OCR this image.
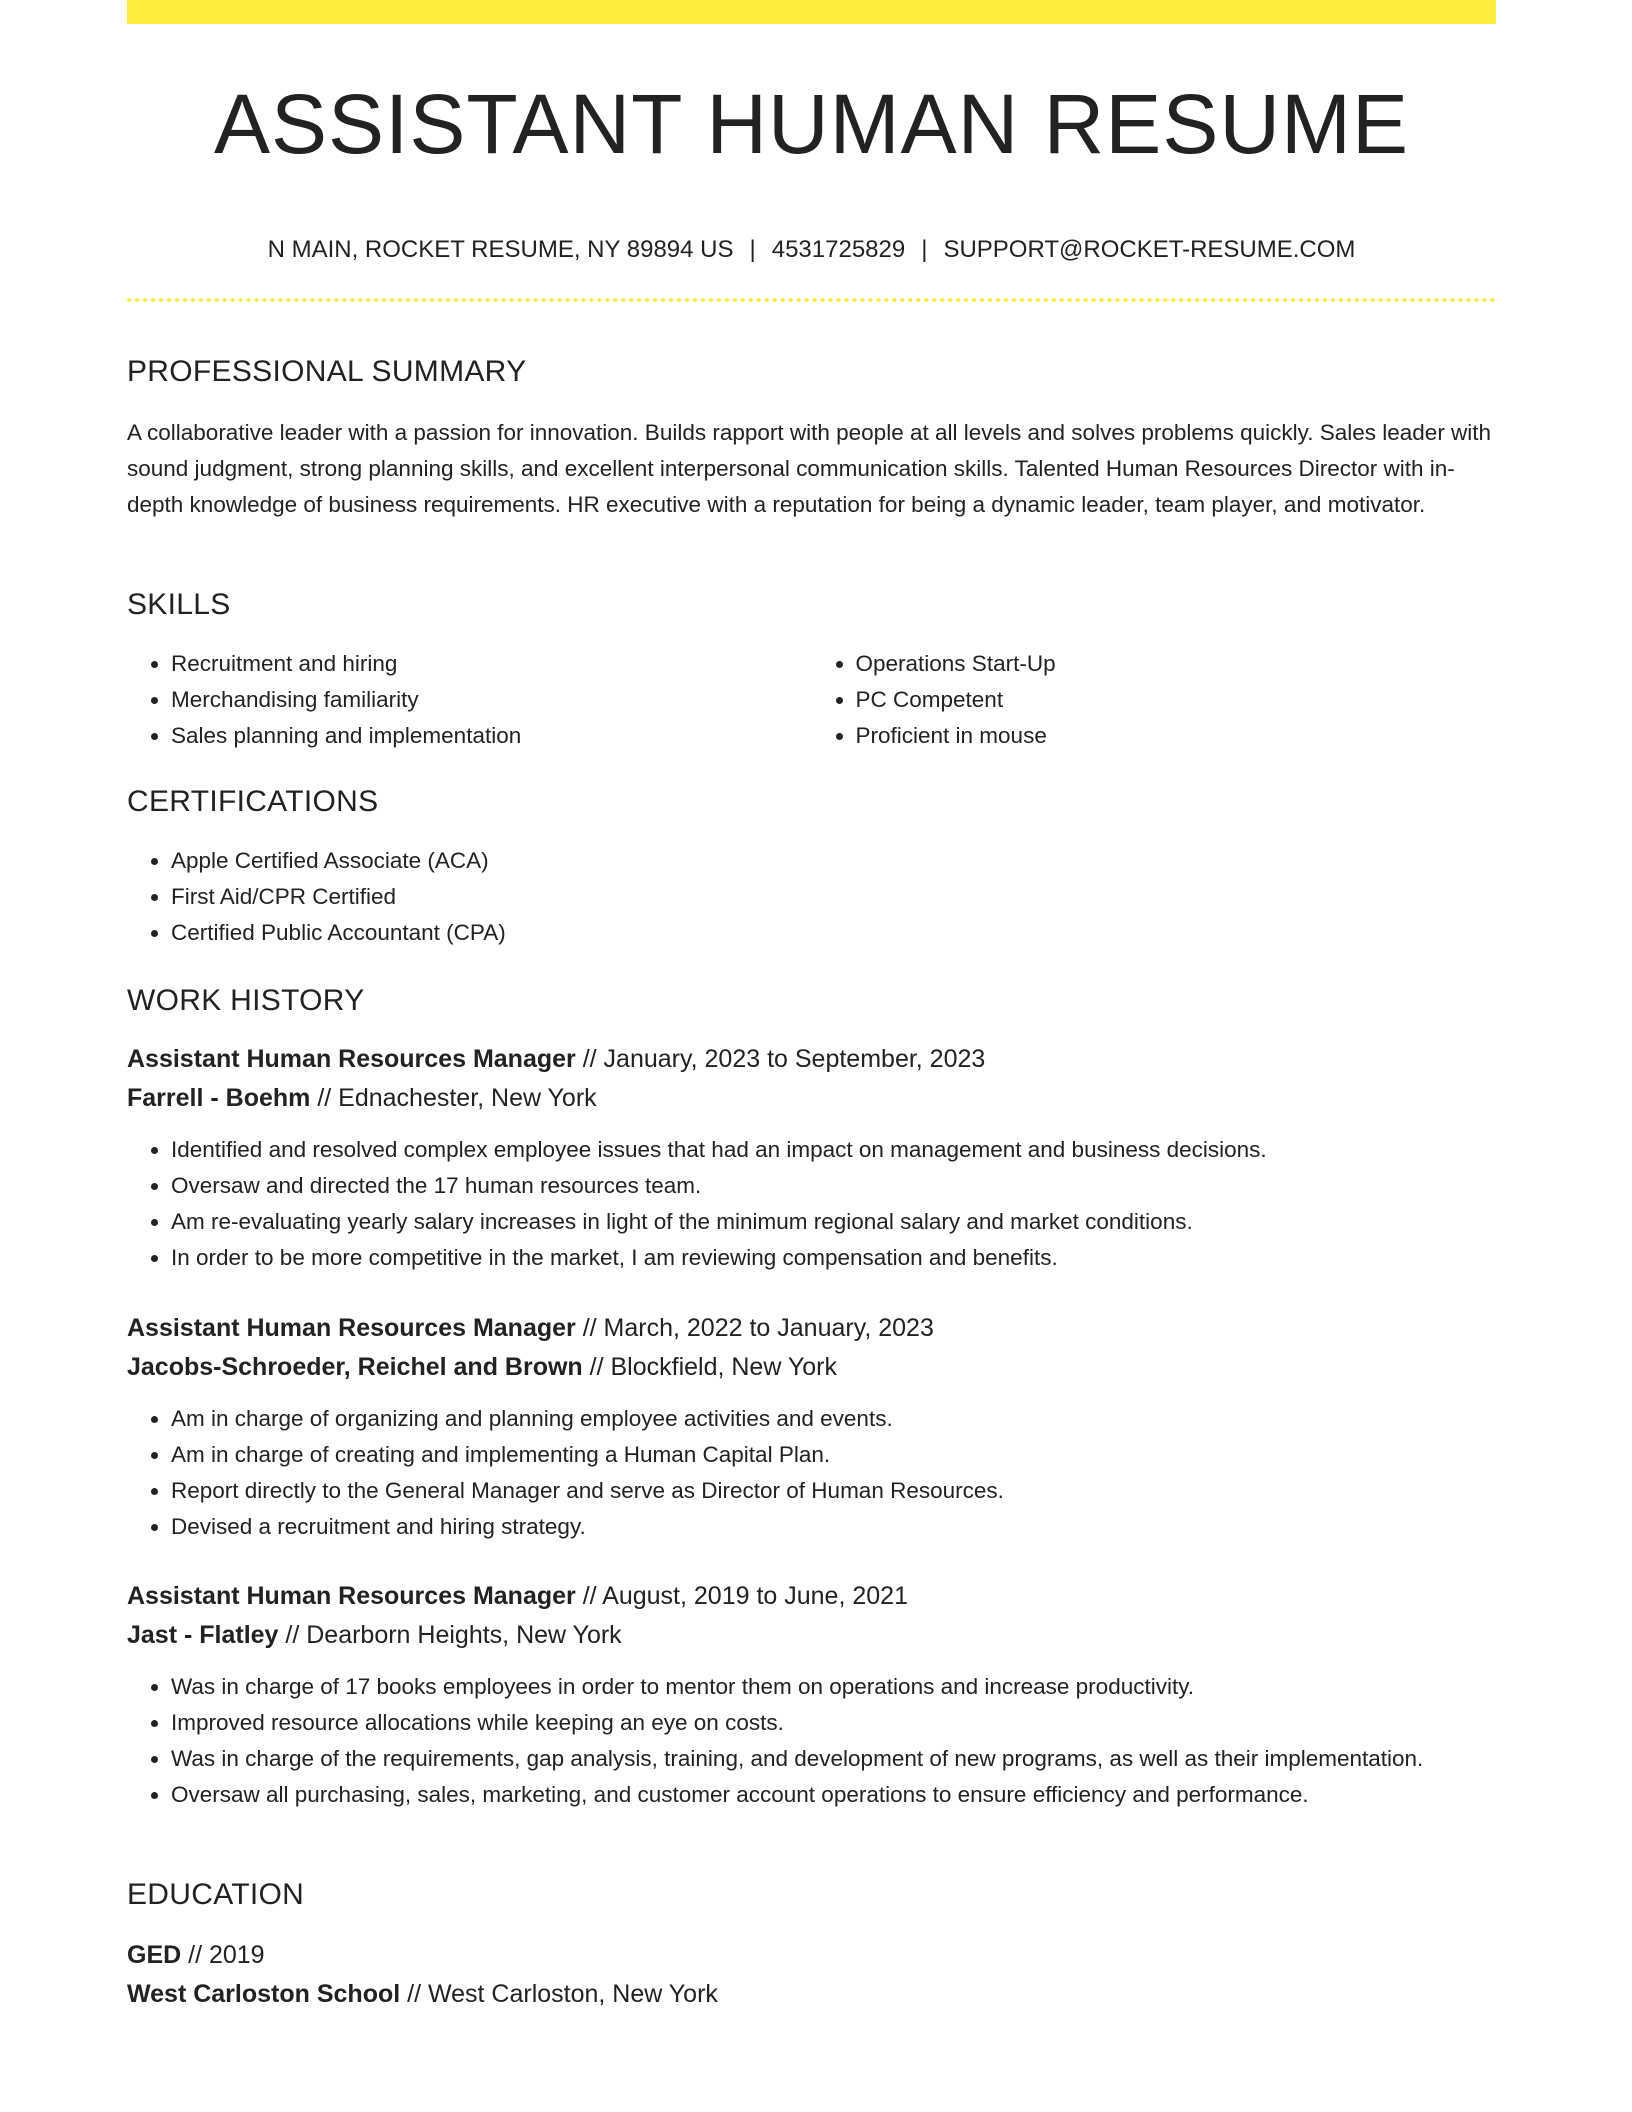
ASSISTANT HUMAN RESUME
N MAIN, ROCKET RESUME, NY 89894 US | 4531725829 | SUPPORT@ROCKET-RESUME.COM
PROFESSIONAL SUMMARY

A collaborative leader with a passion for innovation. Builds rapport with people at all levels and solves problems quickly. Sales leader with sound judgment, strong planning skills, and excellent interpersonal communication skills. Talented Human Resources Director with in-depth knowledge of business requirements. HR executive with a reputation for being a dynamic leader, team player, and motivator.

SKILLS
• Recruitment and hiring
• Merchandising familiarity
• Sales planning and implementation
• Operations Start-Up
• PC Competent
• Proficient in mouse
CERTIFICATIONS
• Apple Certified Associate (ACA)
• First Aid/CPR Certified
• Certified Public Accountant (CPA)
WORK HISTORY
Assistant Human Resources Manager // January, 2023 to September, 2023
Farrell - Boehm // Ednachester, New York
• Identified and resolved complex employee issues that had an impact on management and business decisions.
• Oversaw and directed the 17 human resources team.
• Am re-evaluating yearly salary increases in light of the minimum regional salary and market conditions.
• In order to be more competitive in the market, I am reviewing compensation and benefits.
Assistant Human Resources Manager // March, 2022 to January, 2023
Jacobs-Schroeder, Reichel and Brown // Blockfield, New York
• Am in charge of organizing and planning employee activities and events.
• Am in charge of creating and implementing a Human Capital Plan.
• Report directly to the General Manager and serve as Director of Human Resources.
• Devised a recruitment and hiring strategy.
Assistant Human Resources Manager // August, 2019 to June, 2021
Jast - Flatley // Dearborn Heights, New York
• Was in charge of 17 books employees in order to mentor them on operations and increase productivity.
• Improved resource allocations while keeping an eye on costs.
• Was in charge of the requirements, gap analysis, training, and development of new programs, as well as their implementation.
• Oversaw all purchasing, sales, marketing, and customer account operations to ensure efficiency and performance.
EDUCATION
GED // 2019
West Carloston School // West Carloston, New York
